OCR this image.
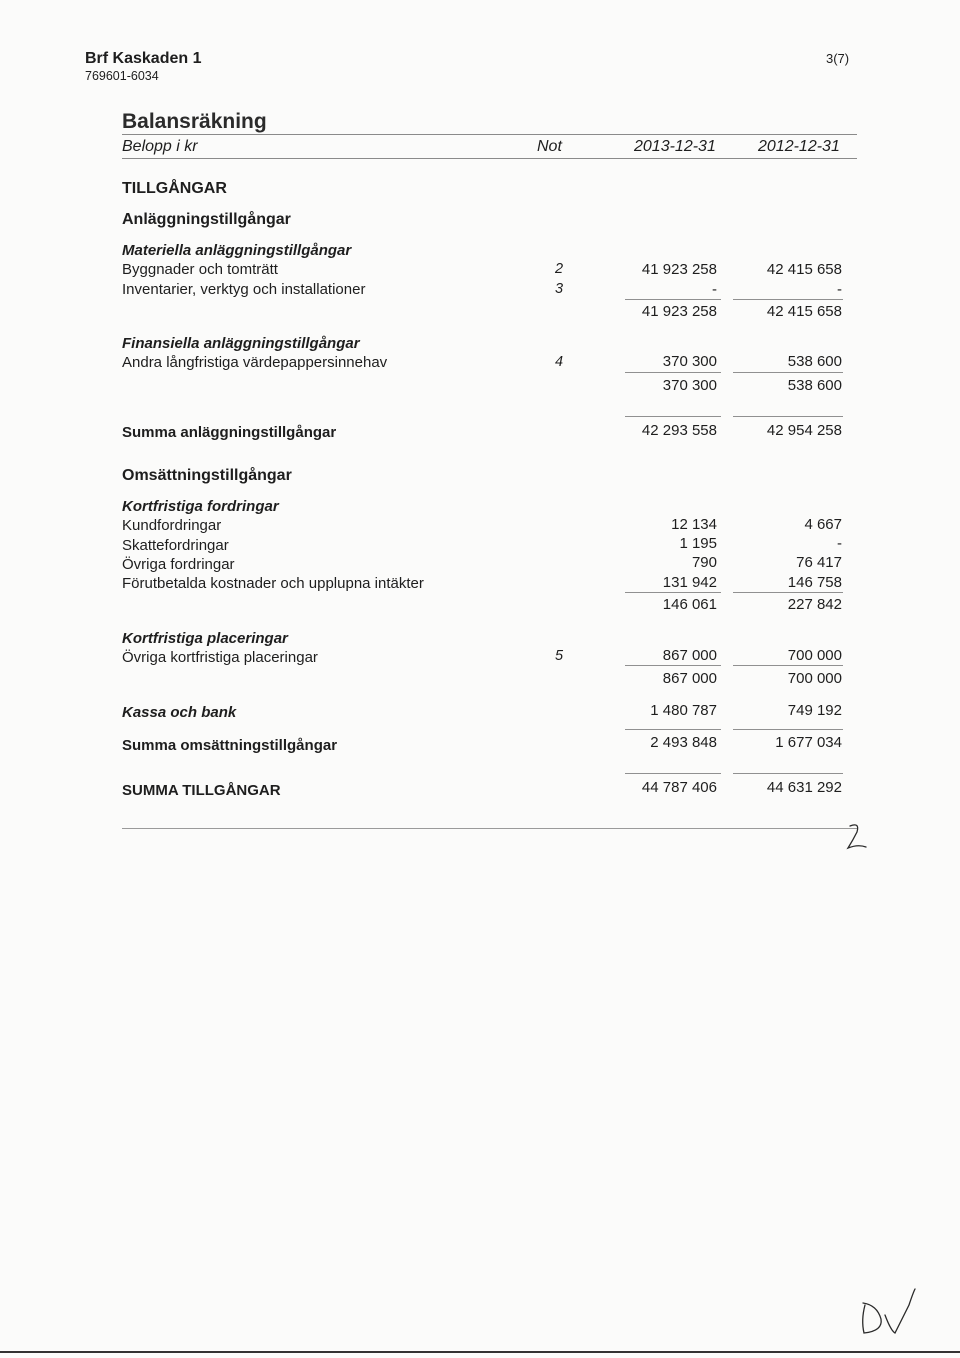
Brf Kaskaden 1
769601-6034
3(7)
Balansräkning
Belopp i kr	Not	2013-12-31	2012-12-31
TILLGÅNGAR
Anläggningstillgångar
Materiella anläggningstillgångar
Byggnader och tomträtt	2	41 923 258	42 415 658
Inventarier, verktyg och installationer	3	-	-
41 923 258	42 415 658
Finansiella anläggningstillgångar
Andra långfristiga värdepappersinnehav	4	370 300	538 600
370 300	538 600
Summa anläggningstillgångar	42 293 558	42 954 258
Omsättningstillgångar
Kortfristiga fordringar
Kundfordringar	12 134	4 667
Skattefordringar	1 195	-
Övriga fordringar	790	76 417
Förutbetalda kostnader och upplupna intäkter	131 942	146 758
146 061	227 842
Kortfristiga placeringar
Övriga kortfristiga placeringar	5	867 000	700 000
867 000	700 000
Kassa och bank	1 480 787	749 192
Summa omsättningstillgångar	2 493 848	1 677 034
SUMMA TILLGÅNGAR	44 787 406	44 631 292
